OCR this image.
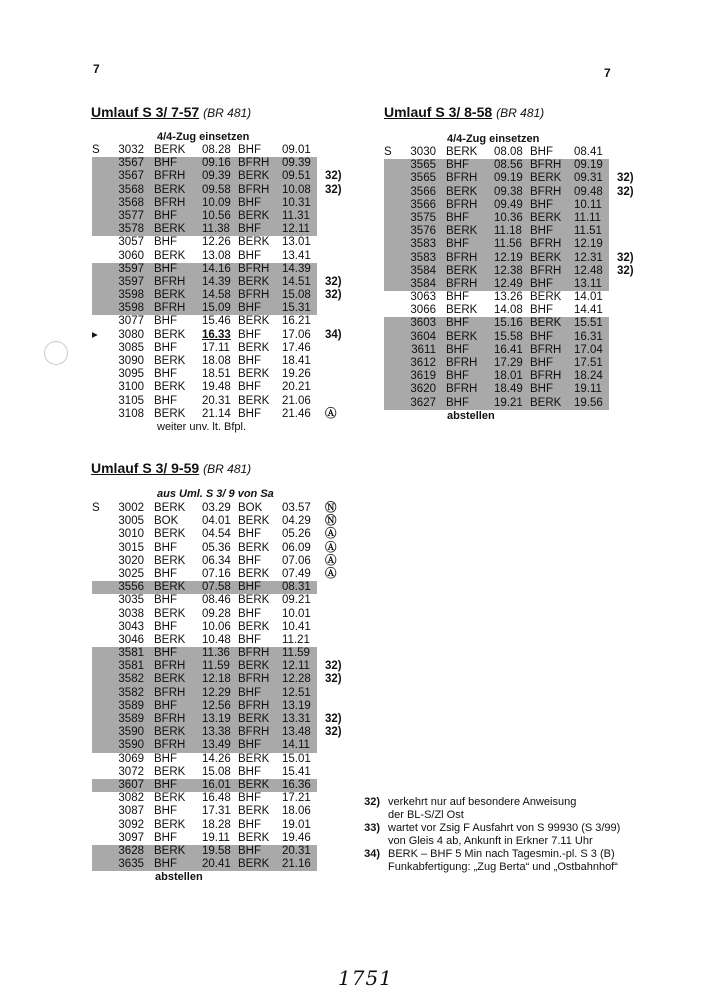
7	7
Umlauf S 3/ 7-57 (BR 481)
4/4-Zug einsetzen
S	3032 BERK 08.28 BHF 09.01
3567 BHF 09.16 BFRH 09.39
3567 BFRH 09.39 BERK 09.51 32)
3568 BERK 09.58 BFRH 10.08 32)
3568 BFRH 10.09 BHF 10.31
3577 BHF 10.56 BERK 11.31
3578 BERK 11.38 BHF 12.11
3057 BHF 12.26 BERK 13.01
3060 BERK 13.08 BHF 13.41
3597 BHF 14.16 BFRH 14.39
3597 BFRH 14.39 BERK 14.51 32)
3598 BERK 14.58 BFRH 15.08 32)
3598 BFRH 15.09 BHF 15.31
3077 BHF 15.46 BERK 16.21
▸	3080 BERK 16.33 BHF 17.06 34)
3085 BHF 17.11 BERK 17.46
3090 BERK 18.08 BHF 18.41
3095 BHF 18.51 BERK 19.26
3100 BERK 19.48 BHF 20.21
3105 BHF 20.31 BERK 21.06
3108 BERK 21.14 BHF 21.46 Ⓐ
weiter unv. lt. Bfpl.
Umlauf S 3/ 8-58 (BR 481)
4/4-Zug einsetzen
S	3030 BERK 08.08 BHF 08.41
3565 BHF 08.56 BFRH 09.19
3565 BFRH 09.19 BERK 09.31 32)
3566 BERK 09.38 BFRH 09.48 32)
3566 BFRH 09.49 BHF 10.11
3575 BHF 10.36 BERK 11.11
3576 BERK 11.18 BHF 11.51
3583 BHF 11.56 BFRH 12.19
3583 BFRH 12.19 BERK 12.31 32)
3584 BERK 12.38 BFRH 12.48 32)
3584 BFRH 12.49 BHF 13.11
3063 BHF 13.26 BERK 14.01
3066 BERK 14.08 BHF 14.41
3603 BHF 15.16 BERK 15.51
3604 BERK 15.58 BHF 16.31
3611 BHF 16.41 BFRH 17.04
3612 BFRH 17.29 BHF 17.51
3619 BHF 18.01 BFRH 18.24
3620 BFRH 18.49 BHF 19.11
3627 BHF 19.21 BERK 19.56
abstellen
Umlauf S 3/ 9-59 (BR 481)
aus Uml. S 3/ 9 von Sa
S	3002 BERK 03.29 BOK 03.57 Ⓝ
3005 BOK 04.01 BERK 04.29 Ⓝ
3010 BERK 04.54 BHF 05.26 Ⓐ
3015 BHF 05.36 BERK 06.09 Ⓐ
3020 BERK 06.34 BHF 07.06 Ⓐ
3025 BHF 07.16 BERK 07.49 Ⓐ
3556 BERK 07.58 BHF 08.31
3035 BHF 08.46 BERK 09.21
3038 BERK 09.28 BHF 10.01
3043 BHF 10.06 BERK 10.41
3046 BERK 10.48 BHF 11.21
3581 BHF 11.36 BFRH 11.59
3581 BFRH 11.59 BERK 12.11 32)
3582 BERK 12.18 BFRH 12.28 32)
3582 BFRH 12.29 BHF 12.51
3589 BHF 12.56 BFRH 13.19
3589 BFRH 13.19 BERK 13.31 32)
3590 BERK 13.38 BFRH 13.48 32)
3590 BFRH 13.49 BHF 14.11
3069 BHF 14.26 BERK 15.01
3072 BERK 15.08 BHF 15.41
3607 BHF 16.01 BERK 16.36
3082 BERK 16.48 BHF 17.21
3087 BHF 17.31 BERK 18.06
3092 BERK 18.28 BHF 19.01
3097 BHF 19.11 BERK 19.46
3628 BERK 19.58 BHF 20.31
3635 BHF 20.41 BERK 21.16
abstellen
32) verkehrt nur auf besondere Anweisung
der BL-S/Zl Ost
33) wartet vor Zsig F Ausfahrt von S 99930 (S 3/99)
von Gleis 4 ab, Ankunft in Erkner 7.11 Uhr
34) BERK – BHF 5 Min nach Tagesmin.-pl. S 3 (B)
Funkabfertigung: „Zug Berta“ und „Ostbahnhof“
1751
